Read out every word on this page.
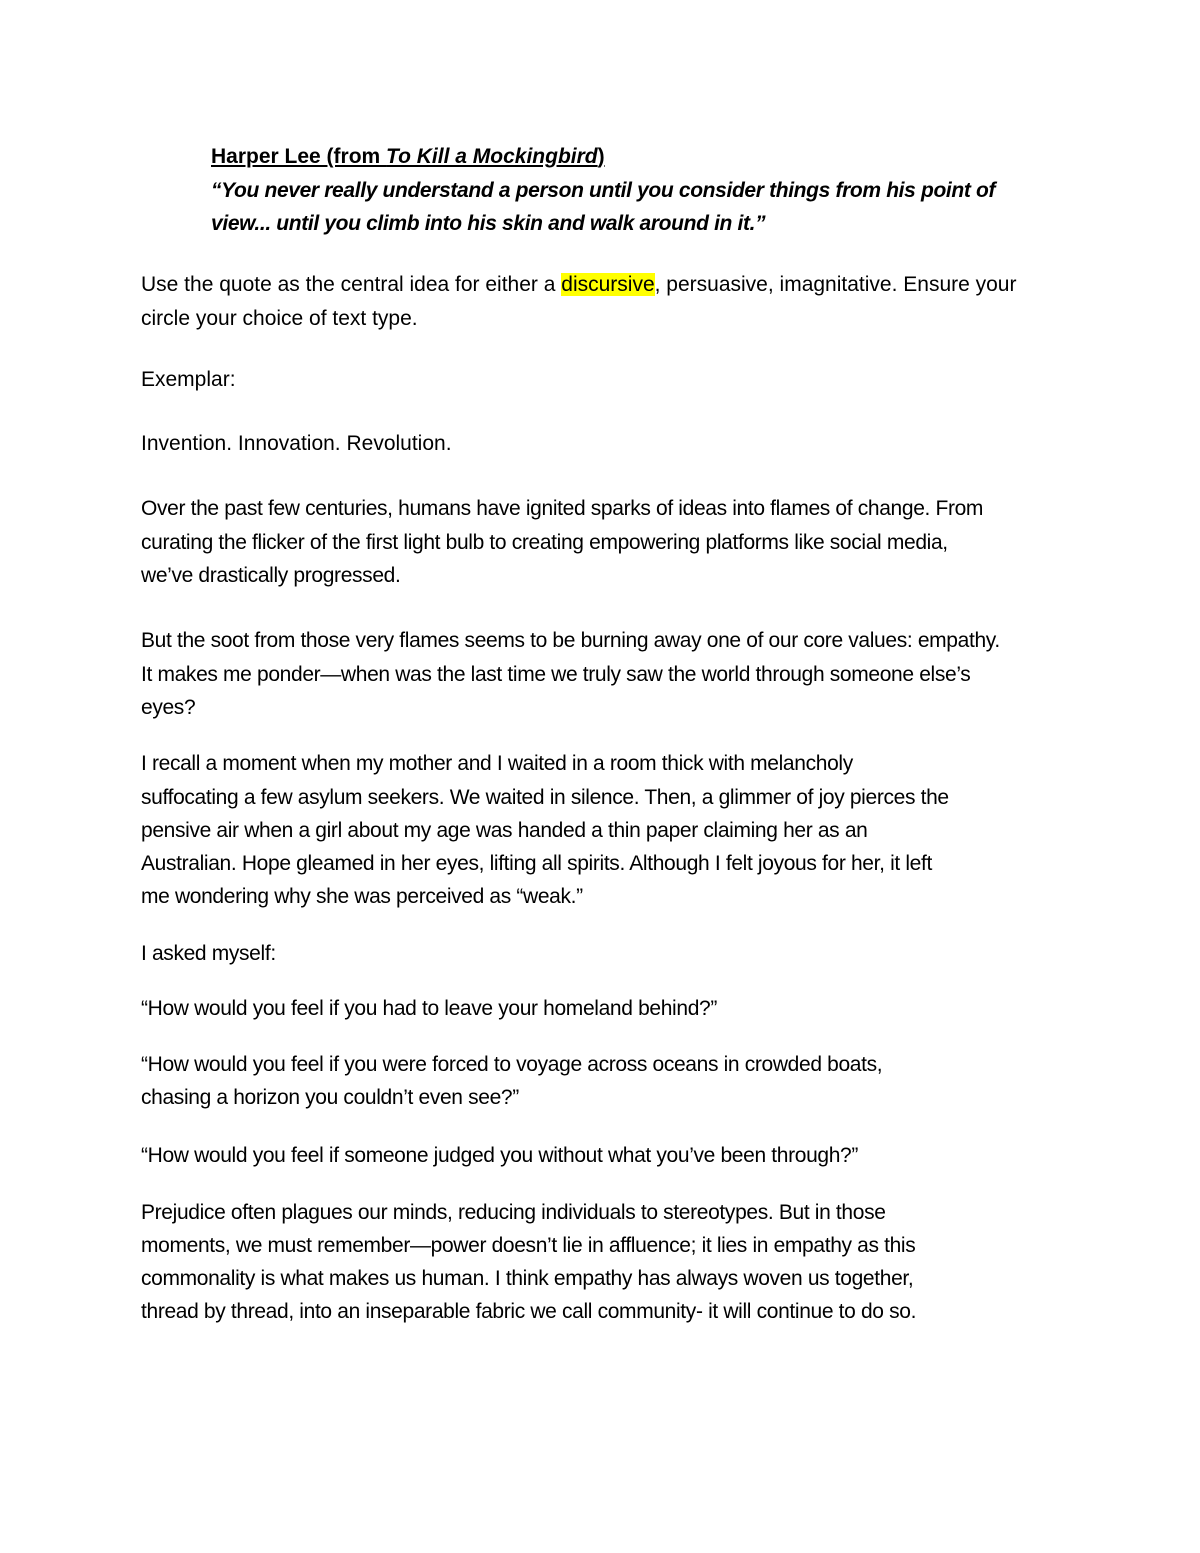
Harper Lee (from To Kill a Mockingbird)

“You never really understand a person until you consider things from his point of

view... until you climb into his skin and walk around in it.”

Use the quote as the central idea for either a discursive, persuasive, imagnitative. Ensure your

circle your choice of text type.

Exemplar:

Invention. Innovation. Revolution.

Over the past few centuries, humans have ignited sparks of ideas into flames of change. From

curating the flicker of the first light bulb to creating empowering platforms like social media,

we’ve drastically progressed.

But the soot from those very flames seems to be burning away one of our core values: empathy.

It makes me ponder—when was the last time we truly saw the world through someone else’s

eyes?

I recall a moment when my mother and I waited in a room thick with melancholy

suffocating a few asylum seekers. We waited in silence. Then, a glimmer of joy pierces the

pensive air when a girl about my age was handed a thin paper claiming her as an

Australian. Hope gleamed in her eyes, lifting all spirits. Although I felt joyous for her, it left

me wondering why she was perceived as “weak.”

I asked myself:

“How would you feel if you had to leave your homeland behind?”

“How would you feel if you were forced to voyage across oceans in crowded boats,

chasing a horizon you couldn’t even see?”

“How would you feel if someone judged you without what you’ve been through?”

Prejudice often plagues our minds, reducing individuals to stereotypes. But in those

moments, we must remember—power doesn’t lie in affluence; it lies in empathy as this

commonality is what makes us human. I think empathy has always woven us together,

thread by thread, into an inseparable fabric we call community- it will continue to do so.
